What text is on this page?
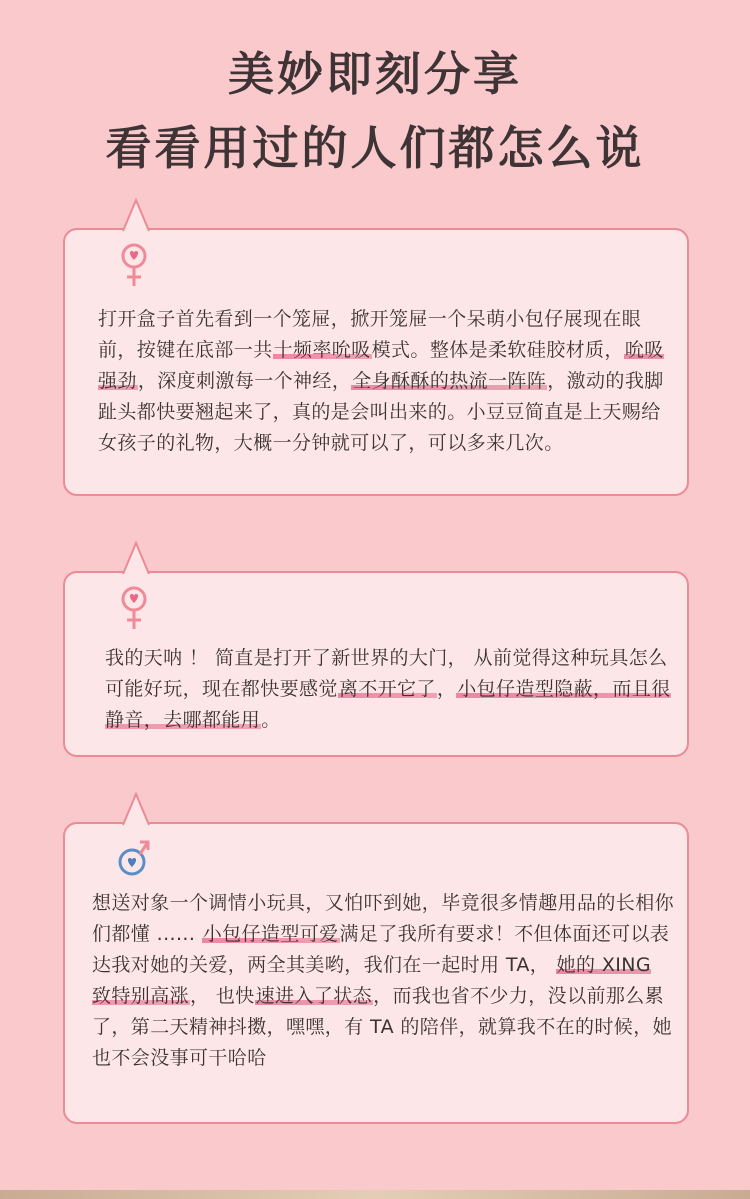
美妙即刻分享
看看用过的人们都怎么说
打开盒子首先看到一个笼屉，掀开笼屉一个呆萌小包仔展现在眼前，按键在底部一共十频率吮吸模式。整体是柔软硅胶材质，吮吸强劲，深度刺激每一个神经，全身酥酥的热流一阵阵，激动的我脚趾头都快要翘起来了，真的是会叫出来的。小豆豆简直是上天赐给女孩子的礼物，大概一分钟就可以了，可以多来几次。
我的天呐 ！ 简直是打开了新世界的大门， 从前觉得这种玩具怎么可能好玩，现在都快要感觉离不开它了，小包仔造型隐蔽，而且很静音，去哪都能用。
想送对象一个调情小玩具，又怕吓到她，毕竟很多情趣用品的长相你们都懂 ...... 小包仔造型可爱满足了我所有要求！不但体面还可以表达我对她的关爱，两全其美哟，我们在一起时用 TA， 她的 XING 致特别高涨， 也快速进入了状态，而我也省不少力，没以前那么累了，第二天精神抖擞，嘿嘿，有 TA 的陪伴，就算我不在的时候，她也不会没事可干哈哈
